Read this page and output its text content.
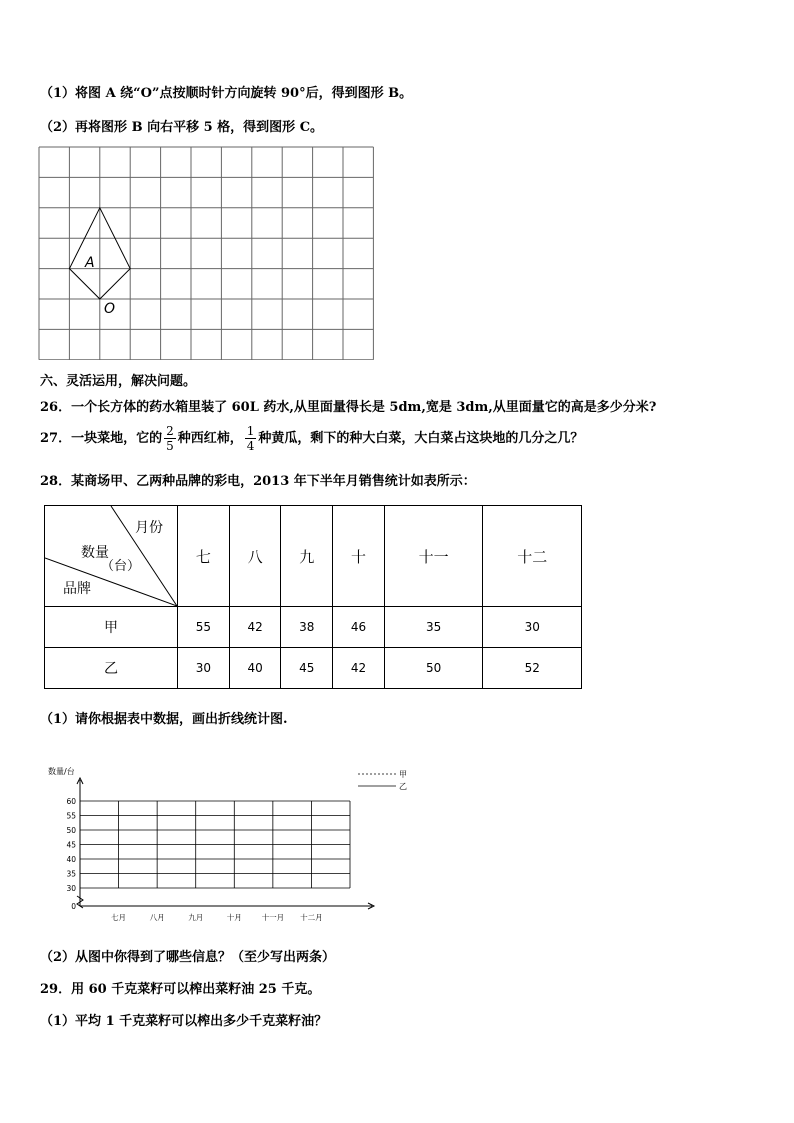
（1）将图 A 绕“O”点按顺时针方向旋转 90°后，得到图形 B。
（2）再将图形 B 向右平移 5 格，得到图形 C。
A
O
六、灵活运用，解决问题。
26．一个长方体的药水箱里装了 60L 药水,从里面量得长是 5dm,宽是 3dm,从里面量它的高是多少分米?
27．一块菜地，它的 $\frac{2}{5}$ 种西红柿， $\frac{1}{4}$ 种黄瓜，剩下的种大白菜，大白菜占这块地的几分之几？
28．某商场甲、乙两种品牌的彩电，2013 年下半年月销售统计如表所示：
月份
数量
（台）
品牌	七	八	九	十	十一	十二
甲	55	42	38	46	35	30
乙	30	40	45	42	50	52
（1）请你根据表中数据，画出折线统计图.
数量/台
30
35
40
45
50
55
60
0
七月	八月	九月	十月	十一月 十二月
甲
乙
（2）从图中你得到了哪些信息？（至少写出两条）
29．用 60 千克菜籽可以榨出菜籽油 25 千克。
（1）平均 1 千克菜籽可以榨出多少千克菜籽油？
